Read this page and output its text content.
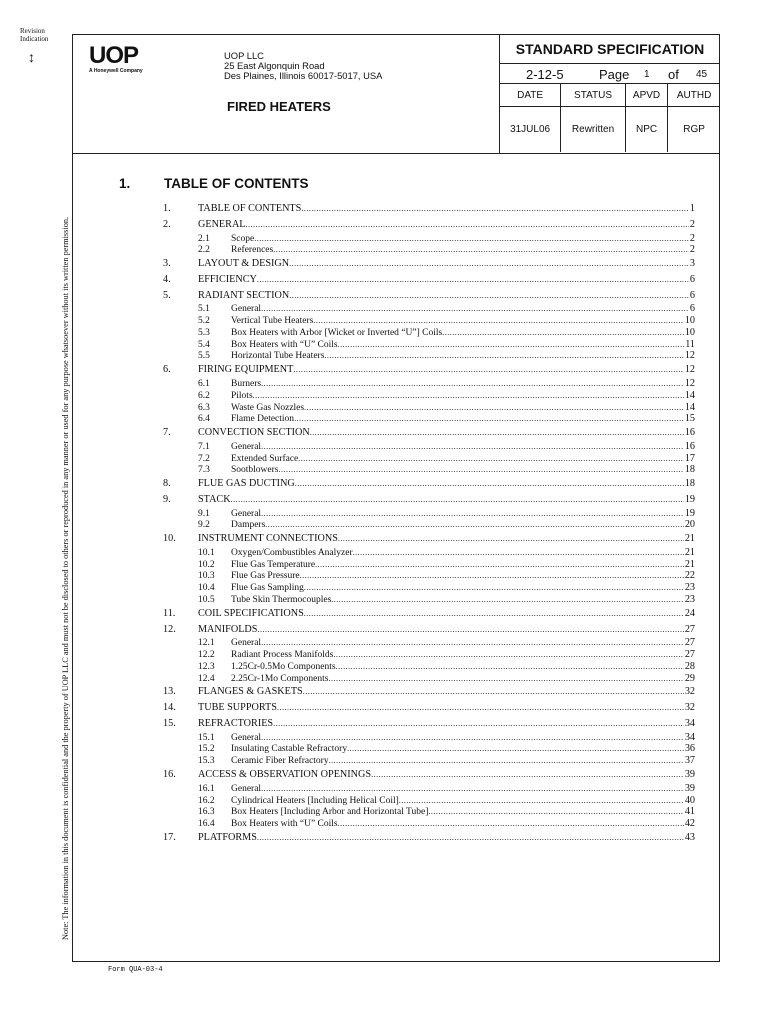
Revision Indication
↕
Note: The information in this document is confidential and the property of UOP LLC and must not be disclosed to others or reproduced in any manner or used for any purpose whatsoever without its written permission.
UOP
A Honeywell Company
UOP LLC
25 East Algonquin Road
Des Plaines, Illinois 60017-5017, USA
FIRED HEATERS
STANDARD SPECIFICATION
2-12-5	Page 1 of 45
DATE	STATUS	APVD	AUTHD
31JUL06	Rewritten	NPC	RGP
1. TABLE OF CONTENTS
1.	TABLE OF CONTENTS .....	1
2.	GENERAL .....	2
2.1	Scope .....	2
2.2	References .....	2
3.	LAYOUT & DESIGN .....	3
4.	EFFICIENCY .....	6
5.	RADIANT SECTION .....	6
5.1	General .....	6
5.2	Vertical Tube Heaters .....	10
5.3	Box Heaters with Arbor [Wicket or Inverted “U”] Coils .....	10
5.4	Box Heaters with “U” Coils .....	11
5.5	Horizontal Tube Heaters .....	12
6.	FIRING EQUIPMENT .....	12
6.1	Burners .....	12
6.2	Pilots .....	14
6.3	Waste Gas Nozzles .....	14
6.4	Flame Detection .....	15
7.	CONVECTION SECTION .....	16
7.1	General .....	16
7.2	Extended Surface .....	17
7.3	Sootblowers .....	18
8.	FLUE GAS DUCTING .....	18
9.	STACK .....	19
9.1	General .....	19
9.2	Dampers .....	20
10.	INSTRUMENT CONNECTIONS .....	21
10.1	Oxygen/Combustibles Analyzer .....	21
10.2	Flue Gas Temperature .....	21
10.3	Flue Gas Pressure .....	22
10.4	Flue Gas Sampling .....	23
10.5	Tube Skin Thermocouples .....	23
11.	COIL SPECIFICATIONS .....	24
12.	MANIFOLDS .....	27
12.1	General .....	27
12.2	Radiant Process Manifolds .....	27
12.3	1.25Cr-0.5Mo Components .....	28
12.4	2.25Cr-1Mo Components .....	29
13.	FLANGES & GASKETS .....	32
14.	TUBE SUPPORTS .....	32
15.	REFRACTORIES .....	34
15.1	General .....	34
15.2	Insulating Castable Refractory .....	36
15.3	Ceramic Fiber Refractory .....	37
16.	ACCESS & OBSERVATION OPENINGS .....	39
16.1	General .....	39
16.2	Cylindrical Heaters [Including Helical Coil] .....	40
16.3	Box Heaters [Including Arbor and Horizontal Tube] .....	41
16.4	Box Heaters with “U” Coils .....	42
17.	PLATFORMS .....	43
Form QUA-03-4
